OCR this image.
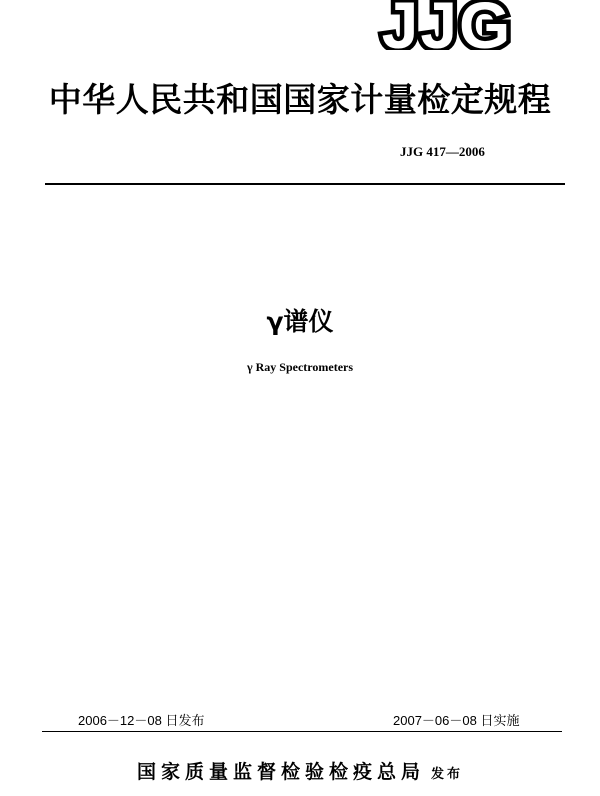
JJG
中华人民共和国国家计量检定规程
JJG 417—2006
γ谱仪
γ Ray Spectrometers
2006－12－08 日发布	2007－06－08 日实施
国家质量监督检验检疫总局 发布
